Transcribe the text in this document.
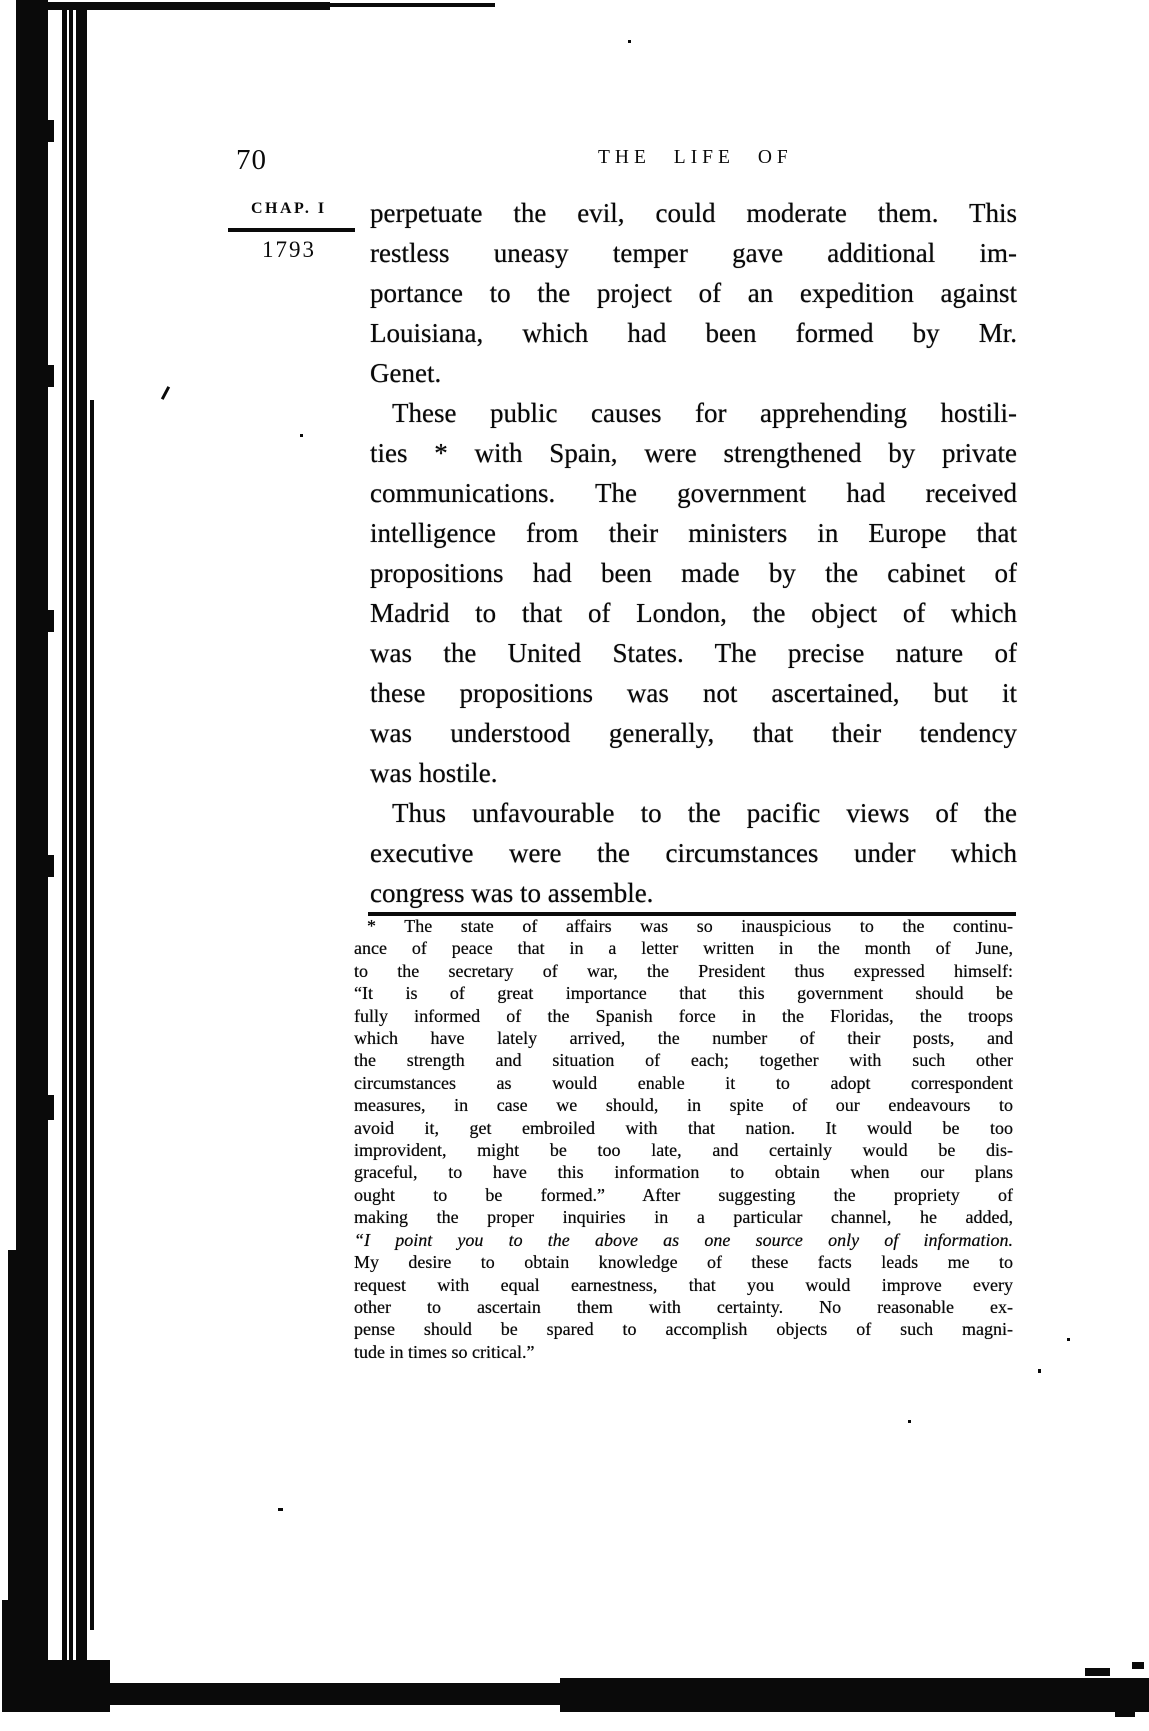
70	THE LIFE OF
CHAP. I
1793
perpetuate the evil, could moderate them. This
restless uneasy temper gave additional im-
portance to the project of an expedition against
Louisiana, which had been formed by Mr.
Genet.
These public causes for apprehending hostili-
ties * with Spain, were strengthened by private
communications. The government had received
intelligence from their ministers in Europe that
propositions had been made by the cabinet of
Madrid to that of London, the object of which
was the United States. The precise nature of
these propositions was not ascertained, but it
was understood generally, that their tendency
was hostile.
Thus unfavourable to the pacific views of the
executive were the circumstances under which
congress was to assemble.
* The state of affairs was so inauspicious to the continu-
ance of peace that in a letter written in the month of June,
to the secretary of war, the President thus expressed himself:
“It is of great importance that this government should be
fully informed of the Spanish force in the Floridas, the troops
which have lately arrived, the number of their posts, and
the strength and situation of each; together with such other
circumstances as would enable it to adopt correspondent
measures, in case we should, in spite of our endeavours to
avoid it, get embroiled with that nation. It would be too
improvident, might be too late, and certainly would be dis-
graceful, to have this information to obtain when our plans
ought to be formed.” After suggesting the propriety of
making the proper inquiries in a particular channel, he added,
“I point you to the above as one source only of information.
My desire to obtain knowledge of these facts leads me to
request with equal earnestness, that you would improve every
other to ascertain them with certainty. No reasonable ex-
pense should be spared to accomplish objects of such magni-
tude in times so critical.”
